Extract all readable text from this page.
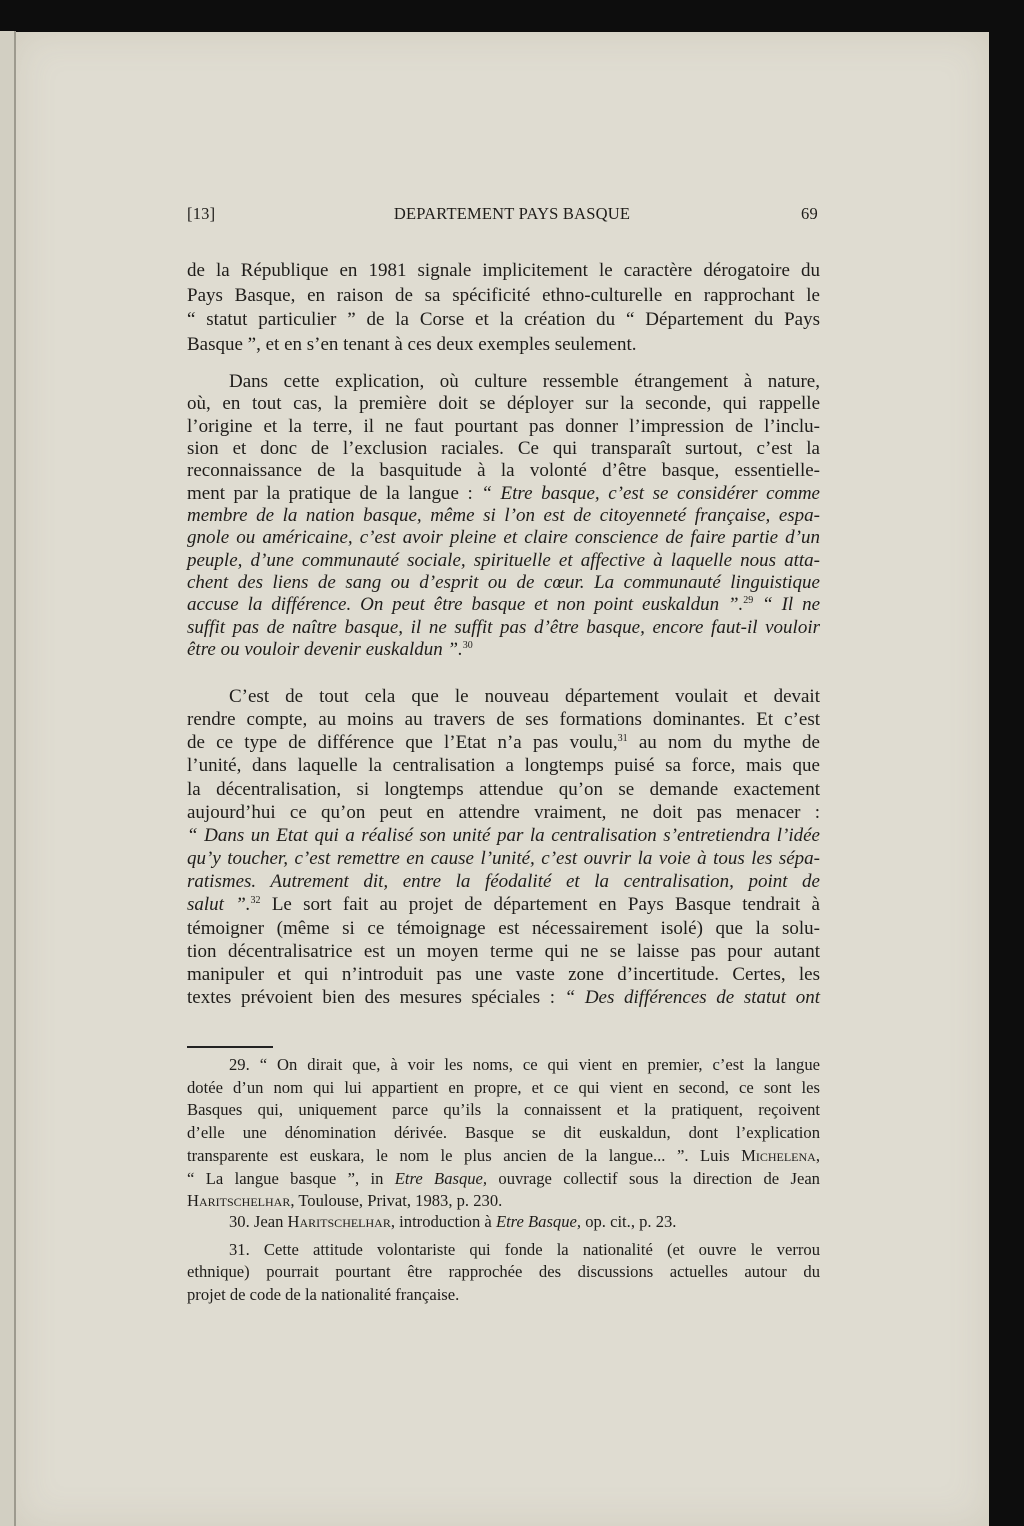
[13]	DEPARTEMENT PAYS BASQUE	69
de la République en 1981 signale implicitement le caractère dérogatoire du
Pays Basque, en raison de sa spécificité ethno-culturelle en rapprochant le
“ statut particulier ” de la Corse et la création du “ Département du Pays
Basque ”, et en s’en tenant à ces deux exemples seulement.
Dans cette explication, où culture ressemble étrangement à nature,
où, en tout cas, la première doit se déployer sur la seconde, qui rappelle
l’origine et la terre, il ne faut pourtant pas donner l’impression de l’inclu-
sion et donc de l’exclusion raciales. Ce qui transparaît surtout, c’est la
reconnaissance de la basquitude à la volonté d’être basque, essentielle-
ment par la pratique de la langue : “ Etre basque, c’est se considérer comme
membre de la nation basque, même si l’on est de citoyenneté française, espa-
gnole ou américaine, c’est avoir pleine et claire conscience de faire partie d’un
peuple, d’une communauté sociale, spirituelle et affective à laquelle nous atta-
chent des liens de sang ou d’esprit ou de cœur. La communauté linguistique
accuse la différence. On peut être basque et non point euskaldun ”.$^{29}$ “ Il ne
suffit pas de naître basque, il ne suffit pas d’être basque, encore faut-il vouloir
être ou vouloir devenir euskaldun ”.$^{30}$
C’est de tout cela que le nouveau département voulait et devait
rendre compte, au moins au travers de ses formations dominantes. Et c’est
de ce type de différence que l’Etat n’a pas voulu,$^{31}$ au nom du mythe de
l’unité, dans laquelle la centralisation a longtemps puisé sa force, mais que
la décentralisation, si longtemps attendue qu’on se demande exactement
aujourd’hui ce qu’on peut en attendre vraiment, ne doit pas menacer :
“ Dans un Etat qui a réalisé son unité par la centralisation s’entretiendra l’idée
qu’y toucher, c’est remettre en cause l’unité, c’est ouvrir la voie à tous les sépa-
ratismes. Autrement dit, entre la féodalité et la centralisation, point de
salut ”.$^{32}$ Le sort fait au projet de département en Pays Basque tendrait à
témoigner (même si ce témoignage est nécessairement isolé) que la solu-
tion décentralisatrice est un moyen terme qui ne se laisse pas pour autant
manipuler et qui n’introduit pas une vaste zone d’incertitude. Certes, les
textes prévoient bien des mesures spéciales : “ Des différences de statut ont
29. “ On dirait que, à voir les noms, ce qui vient en premier, c’est la langue
dotée d’un nom qui lui appartient en propre, et ce qui vient en second, ce sont les
Basques qui, uniquement parce qu’ils la connaissent et la pratiquent, reçoivent
d’elle une dénomination dérivée. Basque se dit euskaldun, dont l’explication
transparente est euskara, le nom le plus ancien de la langue... ”. Luis Michelena,
“ La langue basque ”, in Etre Basque, ouvrage collectif sous la direction de Jean
Haritschelhar, Toulouse, Privat, 1983, p. 230.
30. Jean Haritschelhar, introduction à Etre Basque, op. cit., p. 23.
31. Cette attitude volontariste qui fonde la nationalité (et ouvre le verrou
ethnique) pourrait pourtant être rapprochée des discussions actuelles autour du
projet de code de la nationalité française.
